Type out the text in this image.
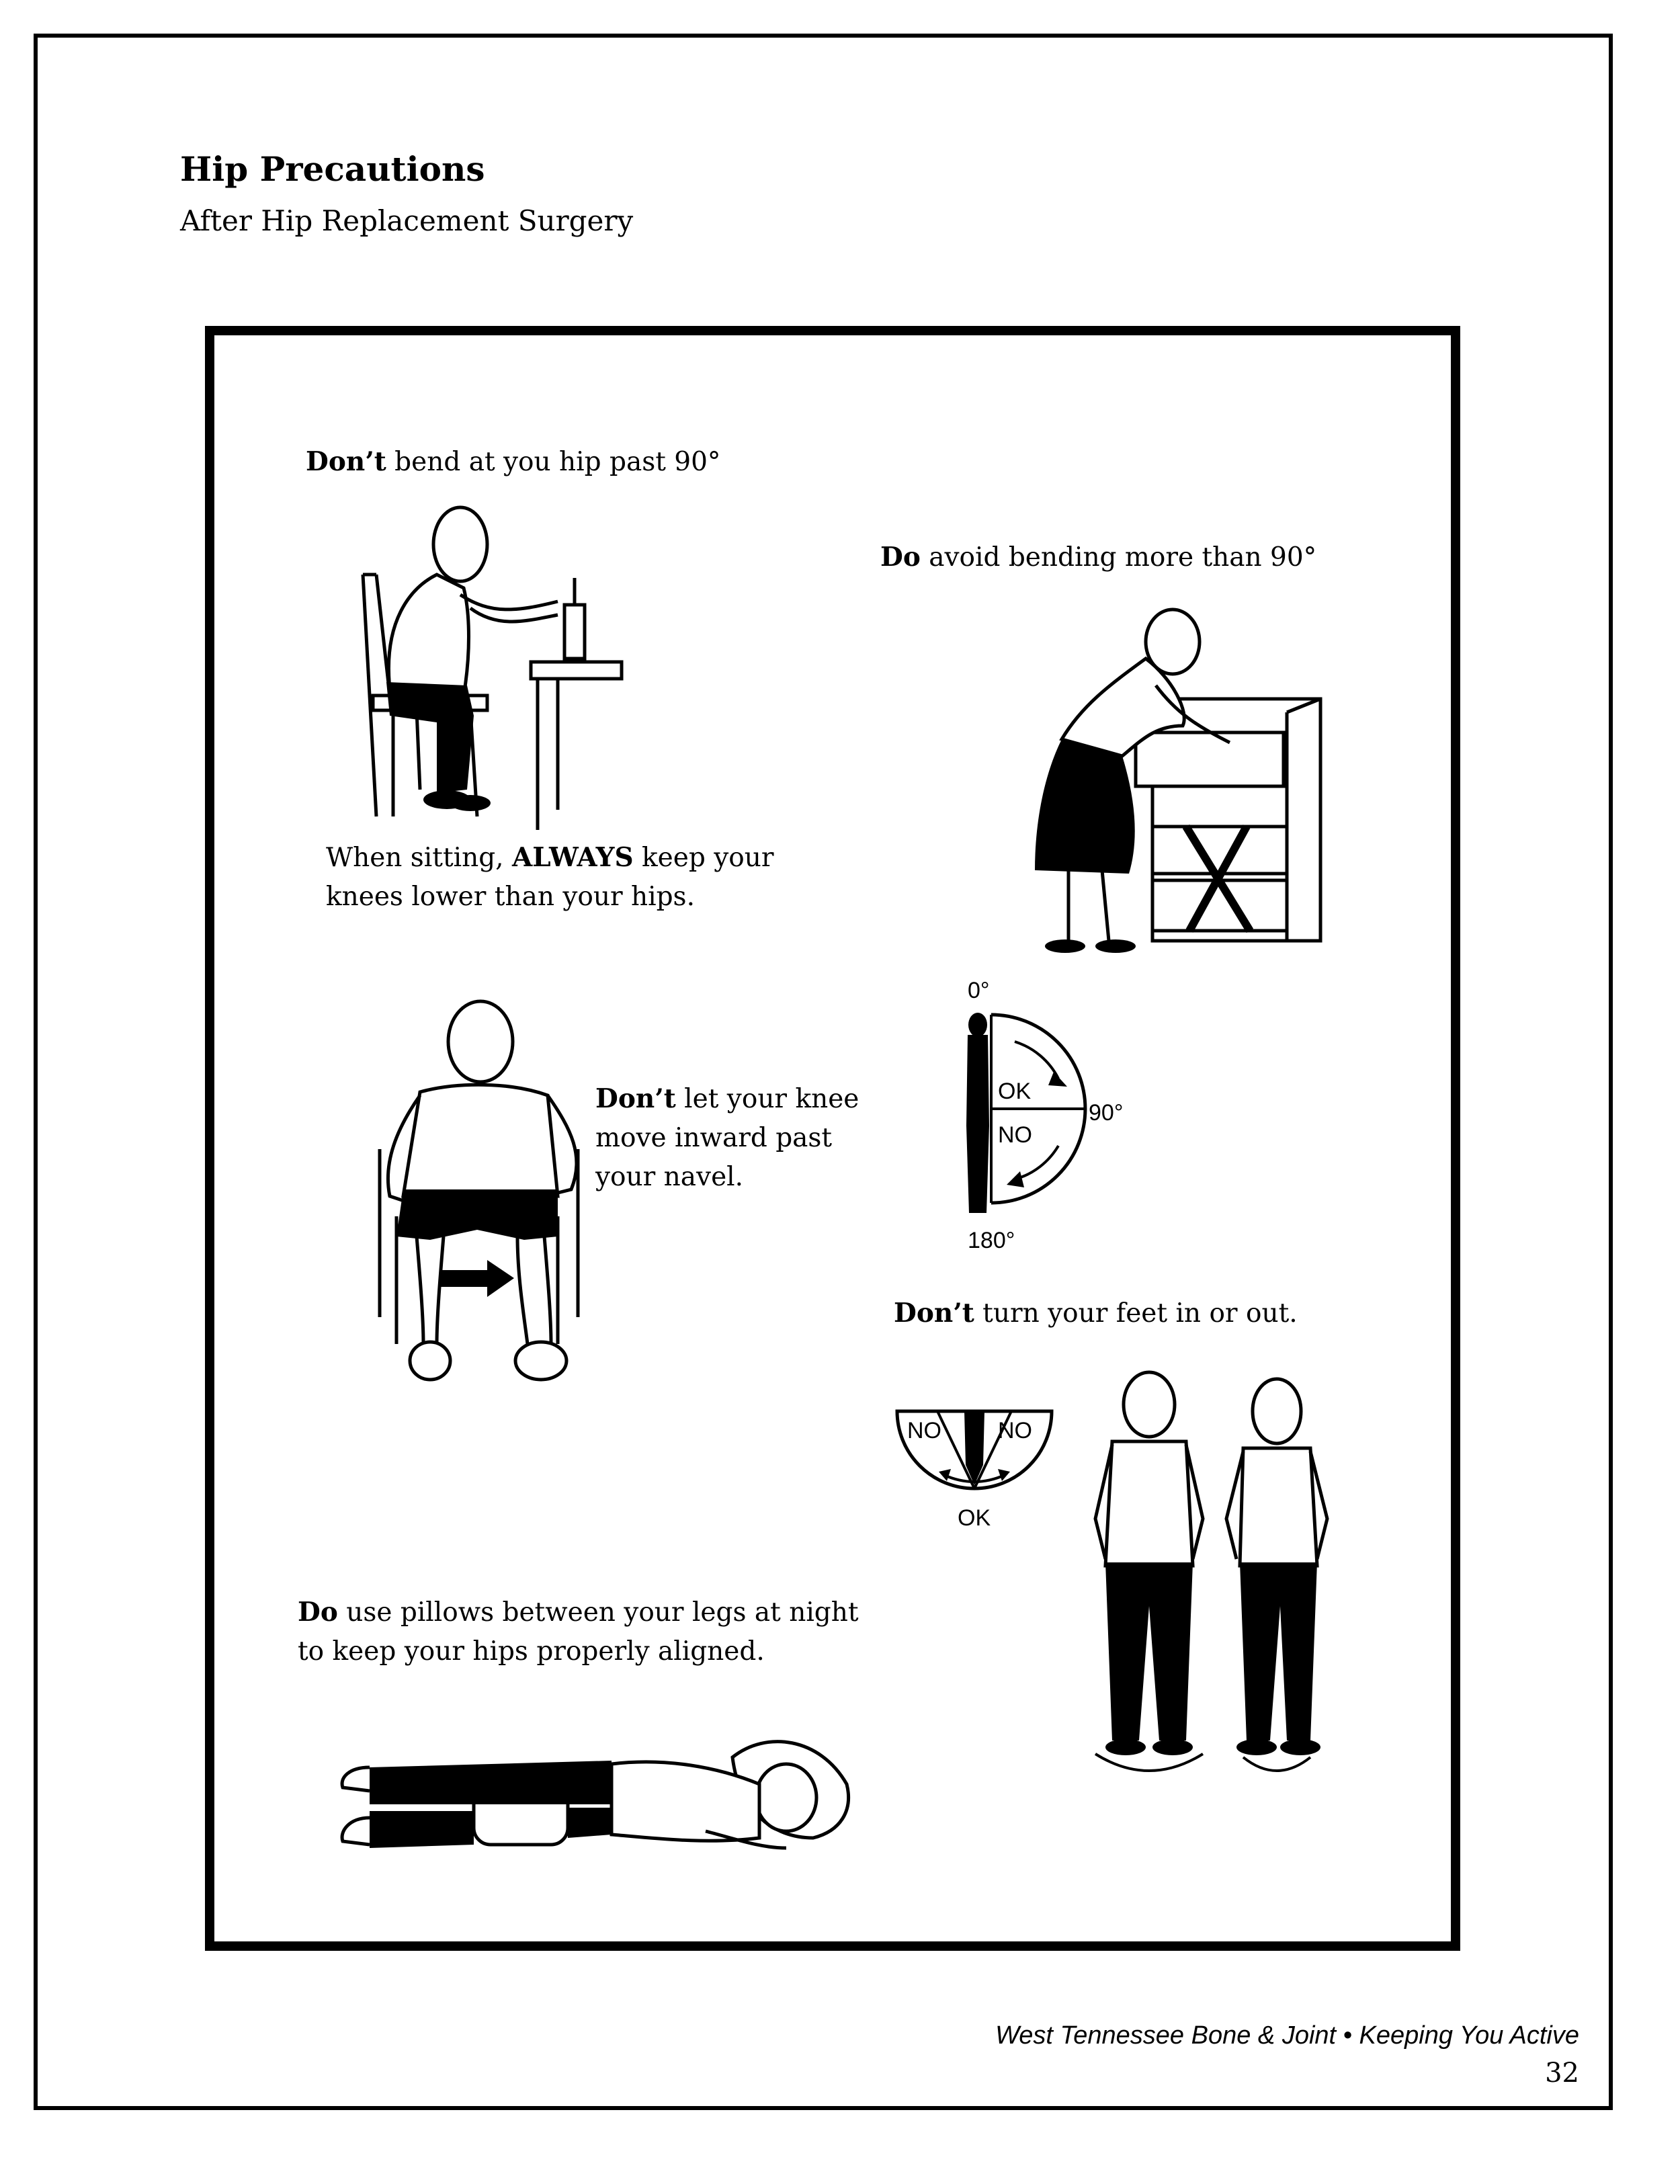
Hip Precautions
After Hip Replacement Surgery
Don’t bend at you hip past 90°
When sitting, ALWAYS keep your
knees lower than your hips.
Do avoid bending more than 90°
Don’t let your knee
move inward past
your navel.
0°
OK
NO
90°
180°
Don’t turn your feet in or out.
NO NO
OK
Do use pillows between your legs at night
to keep your hips properly aligned.
West Tennessee Bone & Joint • Keeping You Active
32
